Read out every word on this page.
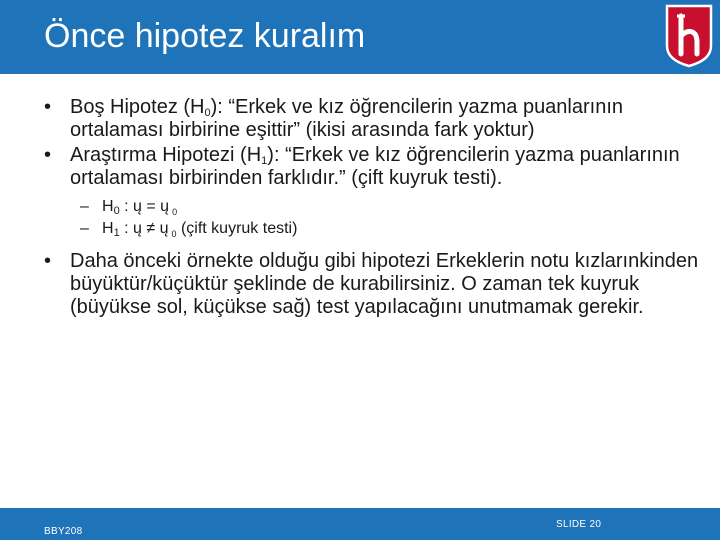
Önce hipotez kuralım
• Boş Hipotez $(H_0)$: “Erkek ve kız öğrencilerin yazma puanlarının ortalaması birbirine eşittir” (ikisi arasında fark yoktur)
• Araştırma Hipotezi $(H_1)$: “Erkek ve kız öğrencilerin yazma puanlarının ortalaması birbirinden farklıdır.” (çift kuyruk testi).
– $H_0$ : ų = ų $_0$
– $H_1$ : ų ≠ ų $_0$ (çift kuyruk testi)
• Daha önceki örnekte olduğu gibi hipotezi Erkeklerin notu kızlarınkinden büyüktür/küçüktür şeklinde de kurabilirsiniz. O zaman tek kuyruk (büyükse sol, küçükse sağ) test yapılacağını unutmamak gerekir.
BBY208
SLIDE 20
